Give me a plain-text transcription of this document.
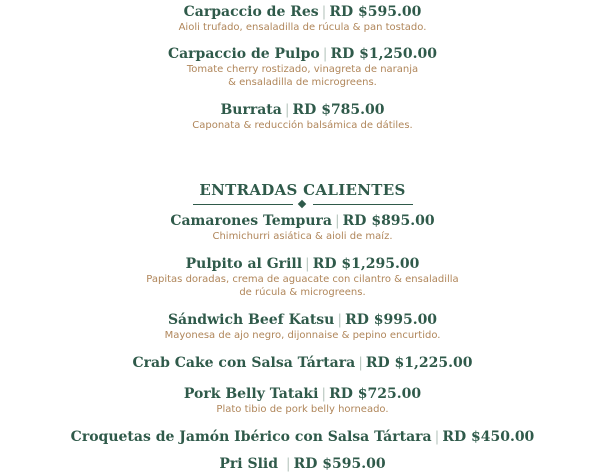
Carpaccio de Res | RD $595.00
Aioli trufado, ensaladilla de rúcula & pan tostado.
Carpaccio de Pulpo | RD $1,250.00
Tomate cherry rostizado, vinagreta de naranja
& ensaladilla de microgreens.
Burrata | RD $785.00
Caponata & reducción balsámica de dátiles.
ENTRADAS CALIENTES
Camarones Tempura | RD $895.00
Chimichurri asiática & aioli de maíz.
Pulpito al Grill | RD $1,295.00
Papitas doradas, crema de aguacate con cilantro & ensaladilla
de rúcula & microgreens.
Sándwich Beef Katsu | RD $995.00
Mayonesa de ajo negro, dijonnaise & pepino encurtido.
Crab Cake con Salsa Tártara | RD $1,225.00
Pork Belly Tataki | RD $725.00
Plato tibio de pork belly horneado.
Croquetas de Jamón Ibérico con Salsa Tártara | RD $450.00
Pri Slid | RD $595.00
